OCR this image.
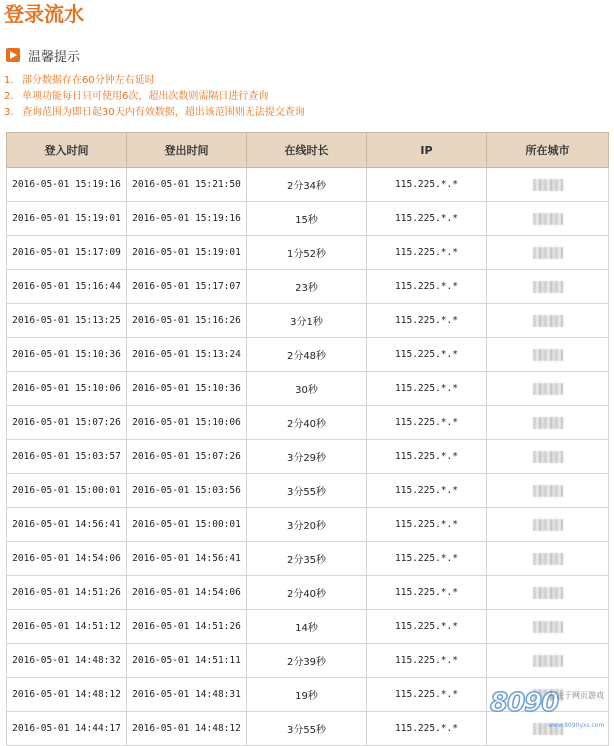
登录流水
温馨提示
1. 部分数据存在60分钟左右延时
2. 单项功能每日只可使用6次，超出次数则需隔日进行查询
3. 查询范围为即日起30天内有效数据，超出该范围则无法提交查询
登入时间	登出时间	在线时长	IP	所在城市
2016-05-01 15:19:16	2016-05-01 15:21:50	2分34秒	115.225.*.*	
2016-05-01 15:19:01	2016-05-01 15:19:16	15秒	115.225.*.*	
2016-05-01 15:17:09	2016-05-01 15:19:01	1分52秒	115.225.*.*	
2016-05-01 15:16:44	2016-05-01 15:17:07	23秒	115.225.*.*	
2016-05-01 15:13:25	2016-05-01 15:16:26	3分1秒	115.225.*.*	
2016-05-01 15:10:36	2016-05-01 15:13:24	2分48秒	115.225.*.*	
2016-05-01 15:10:06	2016-05-01 15:10:36	30秒	115.225.*.*	
2016-05-01 15:07:26	2016-05-01 15:10:06	2分40秒	115.225.*.*	
2016-05-01 15:03:57	2016-05-01 15:07:26	3分29秒	115.225.*.*	
2016-05-01 15:00:01	2016-05-01 15:03:56	3分55秒	115.225.*.*	
2016-05-01 14:56:41	2016-05-01 15:00:01	3分20秒	115.225.*.*	
2016-05-01 14:54:06	2016-05-01 14:56:41	2分35秒	115.225.*.*	
2016-05-01 14:51:26	2016-05-01 14:54:06	2分40秒	115.225.*.*	
2016-05-01 14:51:12	2016-05-01 14:51:26	14秒	115.225.*.*	
2016-05-01 14:48:32	2016-05-01 14:51:11	2分39秒	115.225.*.*	
2016-05-01 14:48:12	2016-05-01 14:48:31	19秒	115.225.*.*	
2016-05-01 14:44:17	2016-05-01 14:48:12	3分55秒	115.225.*.*	
8090
专注于网页游戏
www.8090yxs.com
